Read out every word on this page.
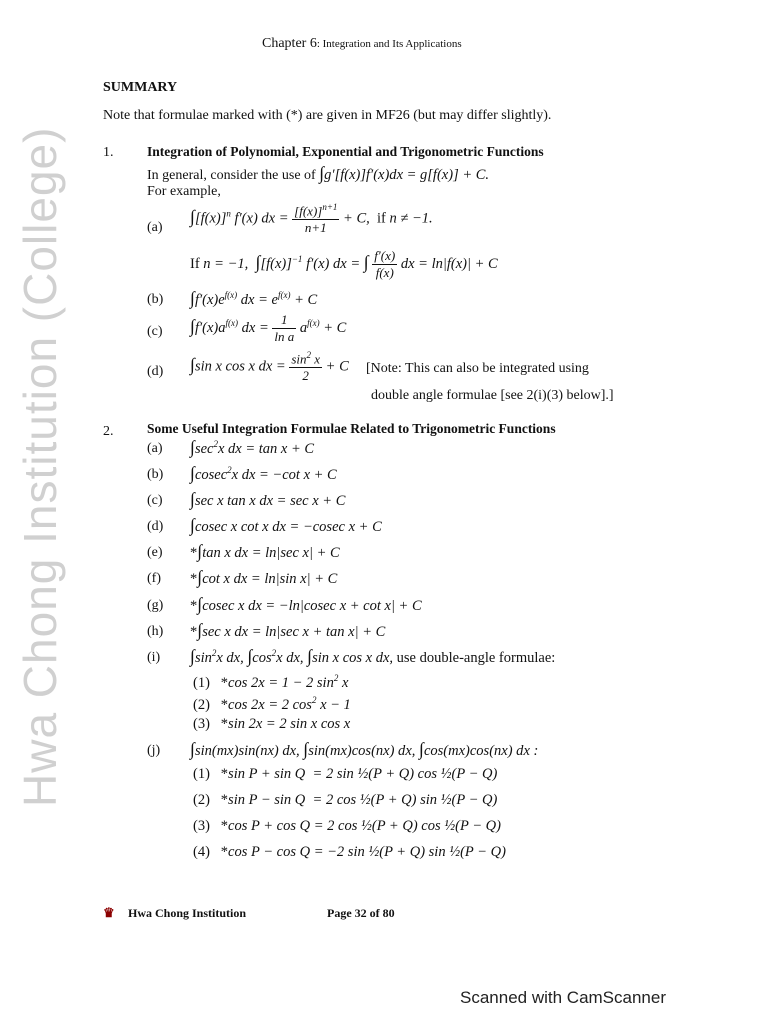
Hwa Chong Institution (College)
Chapter 6: Integration and Its Applications
SUMMARY
Note that formulae marked with (*) are given in MF26 (but may differ slightly).
1. Integration of Polynomial, Exponential and Trigonometric Functions
In general, consider the use of ∫g′[f(x)]f′(x)dx = g[f(x)] + C.
For example,
(a)
$\int[f(x)]^n$ f′(x) dx = $\frac{[f(x)]^{n+1}}{n+1} + C$,  if n ≠ −1.
If n = −1,  $\int[f(x)]^{-1}$ f′(x) dx = ∫ $\frac{f'(x)}{f(x)}$ dx = ln|f(x)| + C
(b) $\int f'(x)e^{f(x)}$ dx = $e^{f(x)} + C$
(c) $\int f'(x)a^{f(x)}$ dx = $\frac{1}{\text{ln a}} a^{f(x)} + C$
(d) ∫sin x cos x dx = $\frac{\sin^2 x}{2} + C$ [Note: This can also be integrated using
double angle formulae [see 2(i)(3) below].]
2. Some Useful Integration Formulae Related to Trigonometric Functions
(a) $\int\sec^2x$ dx = tan x + C
(b) ∫cosec$^2$x dx = −cot x + C
(c) ∫sec x tan x dx = sec x + C
(d) ∫cosec x cot x dx = −cosec x + C
(e) *∫tan x dx = ln|sec x| + C
(f) *∫cot x dx = ln|sin x| + C
(g) *∫cosec x dx = −ln|cosec x + cot x| + C
(h) *∫sec x dx = ln|sec x + tan x| + C
(i) $\int\sin^2x$ dx, $\int\cos^2x$ dx, ∫sin x cos x dx, use double-angle formulae:
(1)   *cos 2x = 1 − 2 $\sin^2 x$
(2)   *cos 2x = 2 $\cos^2 x - 1$
(3)   *sin 2x = 2 sin x cos x
(j) ∫sin(mx)sin(nx) dx, ∫sin(mx)cos(nx) dx, ∫cos(mx)cos(nx) dx :
(1)   *sin P + sin Q  = 2 sin ½(P + Q) cos ½(P − Q)
(2)   *sin P − sin Q  = 2 cos ½(P + Q) sin ½(P − Q)
(3)   *cos P + cos Q = 2 cos ½(P + Q) cos ½(P − Q)
(4)   *cos P − cos Q = −2 sin ½(P + Q) sin ½(P − Q)
♛ Hwa Chong Institution	Page 32 of 80
Scanned with CamScanner
